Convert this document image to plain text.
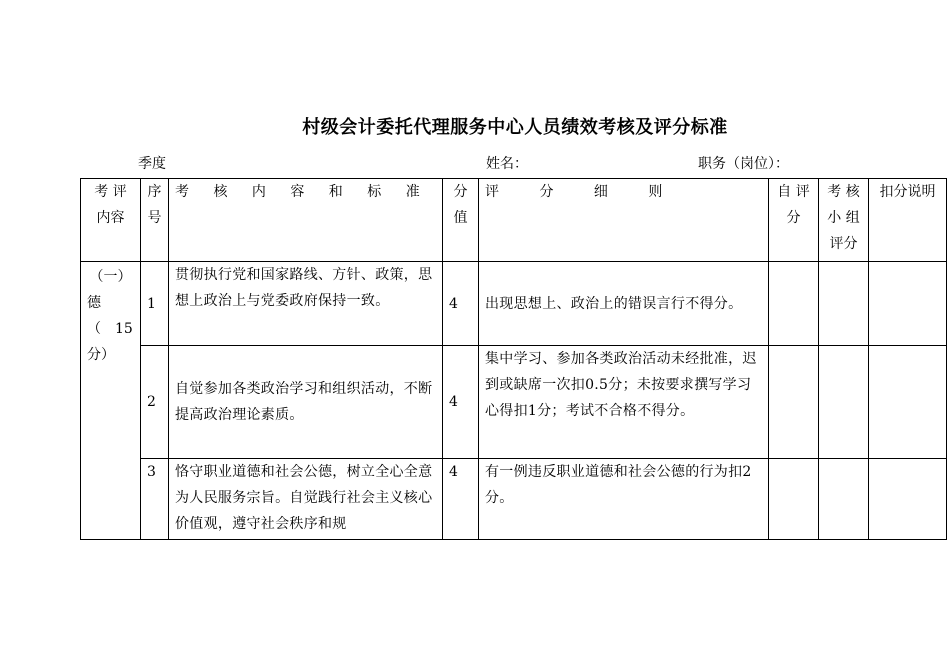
村级会计委托代理服务中心人员绩效考核及评分标准
季度	姓名：	职务（岗位）：
考 评 内容	序号	考 核 内 容 和 标 准	分值	评 分 细 则	自 评 分	考 核 小 组 评分	扣分说明

（一）
德
（　15
分）	1	贯彻执行党和国家路线、方针、政策，思想上政治上与党委政府保持一致。	4	出现思想上、政治上的错误言行不得分。			
	2	自觉参加各类政治学习和组织活动，不断提高政治理论素质。	4	集中学习、参加各类政治活动未经批准，迟到或缺席一次扣0.5分；未按要求撰写学习心得扣1分；考试不合格不得分。			
	3	恪守职业道德和社会公德，树立全心全意为人民服务宗旨。自觉践行社会主义核心价值观，遵守社会秩序和规	4	有一例违反职业道德和社会公德的行为扣2分。			
